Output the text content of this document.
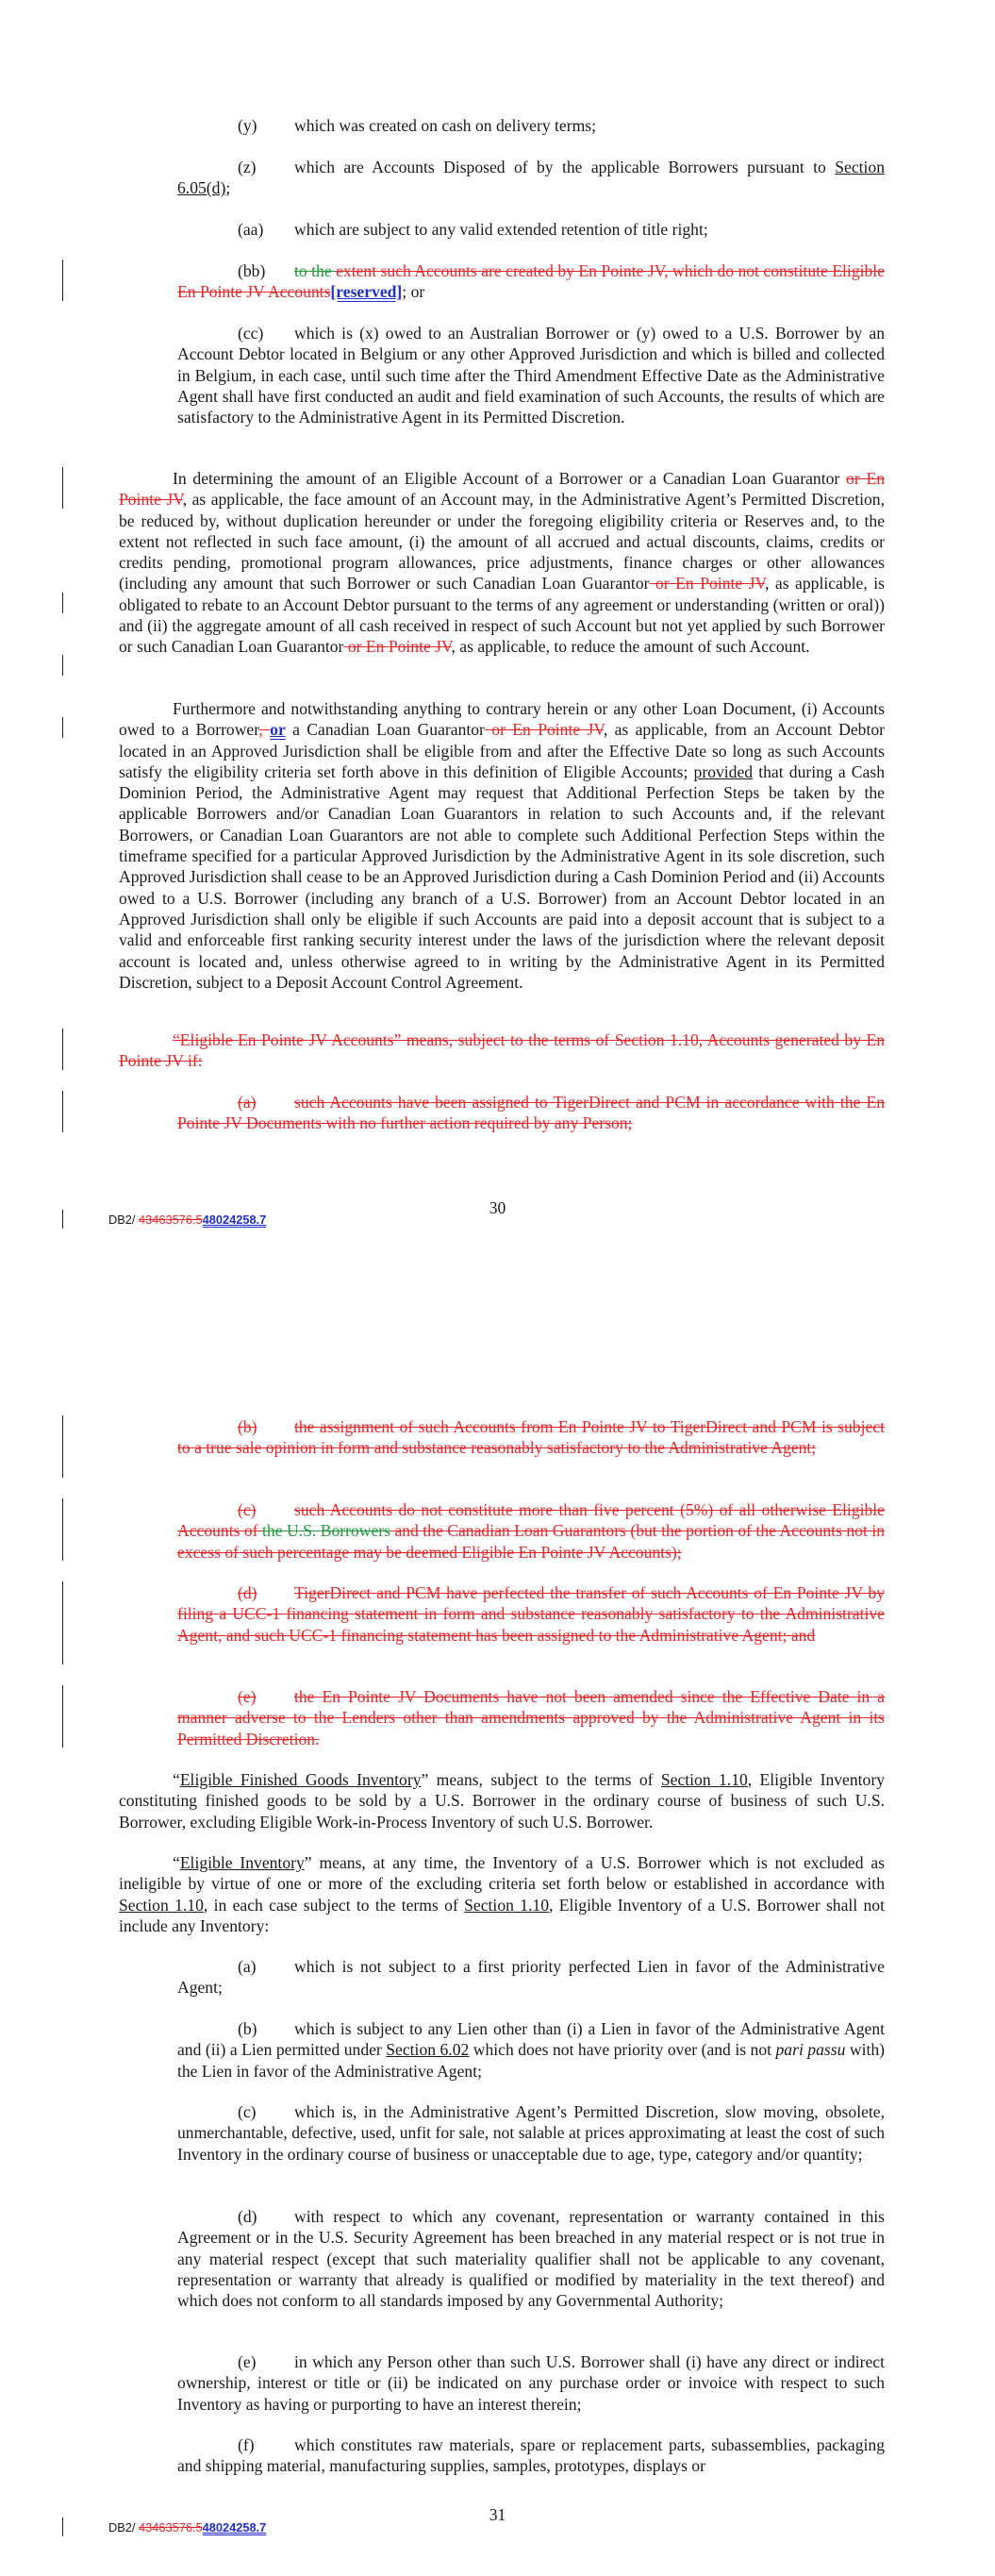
(y) which was created on cash on delivery terms;
(z) which are Accounts Disposed of by the applicable Borrowers pursuant to Section 6.05(d);
(aa) which are subject to any valid extended retention of title right;
(bb) to the extent such Accounts are created by En Pointe JV, which do not constitute Eligible En Pointe JV Accounts[reserved]; or
(cc) which is (x) owed to an Australian Borrower or (y) owed to a U.S. Borrower by an Account Debtor located in Belgium or any other Approved Jurisdiction and which is billed and collected in Belgium, in each case, until such time after the Third Amendment Effective Date as the Administrative Agent shall have first conducted an audit and field examination of such Accounts, the results of which are satisfactory to the Administrative Agent in its Permitted Discretion.
In determining the amount of an Eligible Account of a Borrower or a Canadian Loan Guarantor or En Pointe JV, as applicable, the face amount of an Account may, in the Administrative Agent’s Permitted Discretion, be reduced by, without duplication hereunder or under the foregoing eligibility criteria or Reserves and, to the extent not reflected in such face amount, (i) the amount of all accrued and actual discounts, claims, credits or credits pending, promotional program allowances, price adjustments, finance charges or other allowances (including any amount that such Borrower or such Canadian Loan Guarantor or En Pointe JV, as applicable, is obligated to rebate to an Account Debtor pursuant to the terms of any agreement or understanding (written or oral)) and (ii) the aggregate amount of all cash received in respect of such Account but not yet applied by such Borrower or such Canadian Loan Guarantor or En Pointe JV, as applicable, to reduce the amount of such Account.
Furthermore and notwithstanding anything to contrary herein or any other Loan Document, (i) Accounts owed to a Borrower, or a Canadian Loan Guarantor or En Pointe JV, as applicable, from an Account Debtor located in an Approved Jurisdiction shall be eligible from and after the Effective Date so long as such Accounts satisfy the eligibility criteria set forth above in this definition of Eligible Accounts; provided that during a Cash Dominion Period, the Administrative Agent may request that Additional Perfection Steps be taken by the applicable Borrowers and/or Canadian Loan Guarantors in relation to such Accounts and, if the relevant Borrowers, or Canadian Loan Guarantors are not able to complete such Additional Perfection Steps within the timeframe specified for a particular Approved Jurisdiction by the Administrative Agent in its sole discretion, such Approved Jurisdiction shall cease to be an Approved Jurisdiction during a Cash Dominion Period and (ii) Accounts owed to a U.S. Borrower (including any branch of a U.S. Borrower) from an Account Debtor located in an Approved Jurisdiction shall only be eligible if such Accounts are paid into a deposit account that is subject to a valid and enforceable first ranking security interest under the laws of the jurisdiction where the relevant deposit account is located and, unless otherwise agreed to in writing by the Administrative Agent in its Permitted Discretion, subject to a Deposit Account Control Agreement.
“Eligible En Pointe JV Accounts” means, subject to the terms of Section 1.10, Accounts generated by En Pointe JV if:
(a) such Accounts have been assigned to TigerDirect and PCM in accordance with the En Pointe JV Documents with no further action required by any Person;
30
DB2/ 43463576.548024258.7
(b) the assignment of such Accounts from En Pointe JV to TigerDirect and PCM is subject to a true sale opinion in form and substance reasonably satisfactory to the Administrative Agent;
(c) such Accounts do not constitute more than five percent (5%) of all otherwise Eligible Accounts of the U.S. Borrowers and the Canadian Loan Guarantors (but the portion of the Accounts not in excess of such percentage may be deemed Eligible En Pointe JV Accounts);
(d) TigerDirect and PCM have perfected the transfer of such Accounts of En Pointe JV by filing a UCC-1 financing statement in form and substance reasonably satisfactory to the Administrative Agent, and such UCC-1 financing statement has been assigned to the Administrative Agent; and
(e) the En Pointe JV Documents have not been amended since the Effective Date in a manner adverse to the Lenders other than amendments approved by the Administrative Agent in its Permitted Discretion.
“Eligible Finished Goods Inventory” means, subject to the terms of Section 1.10, Eligible Inventory constituting finished goods to be sold by a U.S. Borrower in the ordinary course of business of such U.S. Borrower, excluding Eligible Work-in-Process Inventory of such U.S. Borrower.
“Eligible Inventory” means, at any time, the Inventory of a U.S. Borrower which is not excluded as ineligible by virtue of one or more of the excluding criteria set forth below or established in accordance with Section 1.10, in each case subject to the terms of Section 1.10, Eligible Inventory of a U.S. Borrower shall not include any Inventory:
(a) which is not subject to a first priority perfected Lien in favor of the Administrative Agent;
(b) which is subject to any Lien other than (i) a Lien in favor of the Administrative Agent and (ii) a Lien permitted under Section 6.02 which does not have priority over (and is not pari passu with) the Lien in favor of the Administrative Agent;
(c) which is, in the Administrative Agent’s Permitted Discretion, slow moving, obsolete, unmerchantable, defective, used, unfit for sale, not salable at prices approximating at least the cost of such Inventory in the ordinary course of business or unacceptable due to age, type, category and/or quantity;
(d) with respect to which any covenant, representation or warranty contained in this Agreement or in the U.S. Security Agreement has been breached in any material respect or is not true in any material respect (except that such materiality qualifier shall not be applicable to any covenant, representation or warranty that already is qualified or modified by materiality in the text thereof) and which does not conform to all standards imposed by any Governmental Authority;
(e) in which any Person other than such U.S. Borrower shall (i) have any direct or indirect ownership, interest or title or (ii) be indicated on any purchase order or invoice with respect to such Inventory as having or purporting to have an interest therein;
(f) which constitutes raw materials, spare or replacement parts, subassemblies, packaging and shipping material, manufacturing supplies, samples, prototypes, displays or
31
DB2/ 43463576.548024258.7
